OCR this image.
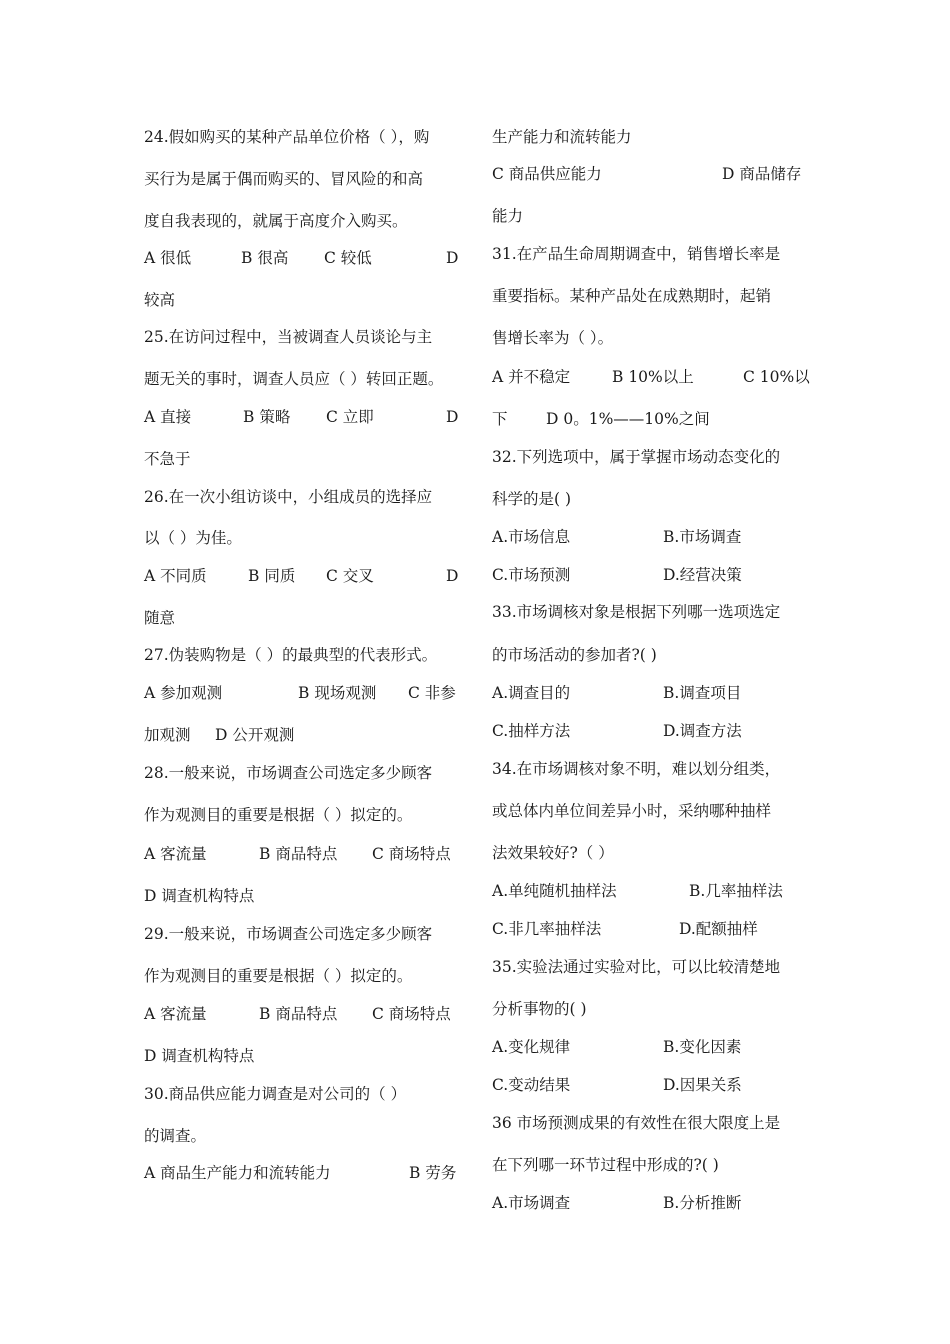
24.假如购买的某种产品单位价格（ ），购
买行为是属于偶而购买的、冒风险的和高
度自我表现的，就属于高度介入购买。
A 很低	B 很高 C 较低	D
较高
25.在访问过程中，当被调查人员谈论与主
题无关的事时，调查人员应（ ）转回正题。
A 直接	B 策略 C 立即	D
不急于
26.在一次小组访谈中，小组成员的选择应
以（ ）为佳。
A 不同质	B 同质 C 交叉	D
随意
27.伪装购物是（ ）的最典型的代表形式。
A 参加观测	B 现场观测 C 非参
加观测 D 公开观测
28.一般来说，市场调查公司选定多少顾客
作为观测目的重要是根据（ ）拟定的。
A 客流量	B 商品特点 C 商场特点
D 调查机构特点
29.一般来说，市场调查公司选定多少顾客
作为观测目的重要是根据（ ）拟定的。
A 客流量	B 商品特点 C 商场特点
D 调查机构特点
30.商品供应能力调查是对公司的（ ）
的调查。
A 商品生产能力和流转能力	B 劳务
生产能力和流转能力
C 商品供应能力	D 商品储存
能力
31.在产品生命周期调查中，销售增长率是
重要指标。某种产品处在成熟期时，起销
售增长率为（ ）。
A 并不稳定	B 10%以上	C 10%以
下 D 0。1%——10%之间
32.下列选项中，属于掌握市场动态变化的
科学的是( )
A.市场信息	B.市场调查
C.市场预测	D.经营决策
33.市场调核对象是根据下列哪一选项选定
的市场活动的参加者?( )
A.调查目的	B.调查项目
C.抽样方法	D.调查方法
34.在市场调核对象不明，难以划分组类，
或总体内单位间差异小时，采纳哪种抽样
法效果较好?（ ）
A.单纯随机抽样法	B.几率抽样法
C.非几率抽样法	D.配额抽样
35.实验法通过实验对比，可以比较清楚地
分析事物的( )
A.变化规律	B.变化因素
C.变动结果	D.因果关系
36 市场预测成果的有效性在很大限度上是
在下列哪一环节过程中形成的?( )
A.市场调查	B.分析推断
